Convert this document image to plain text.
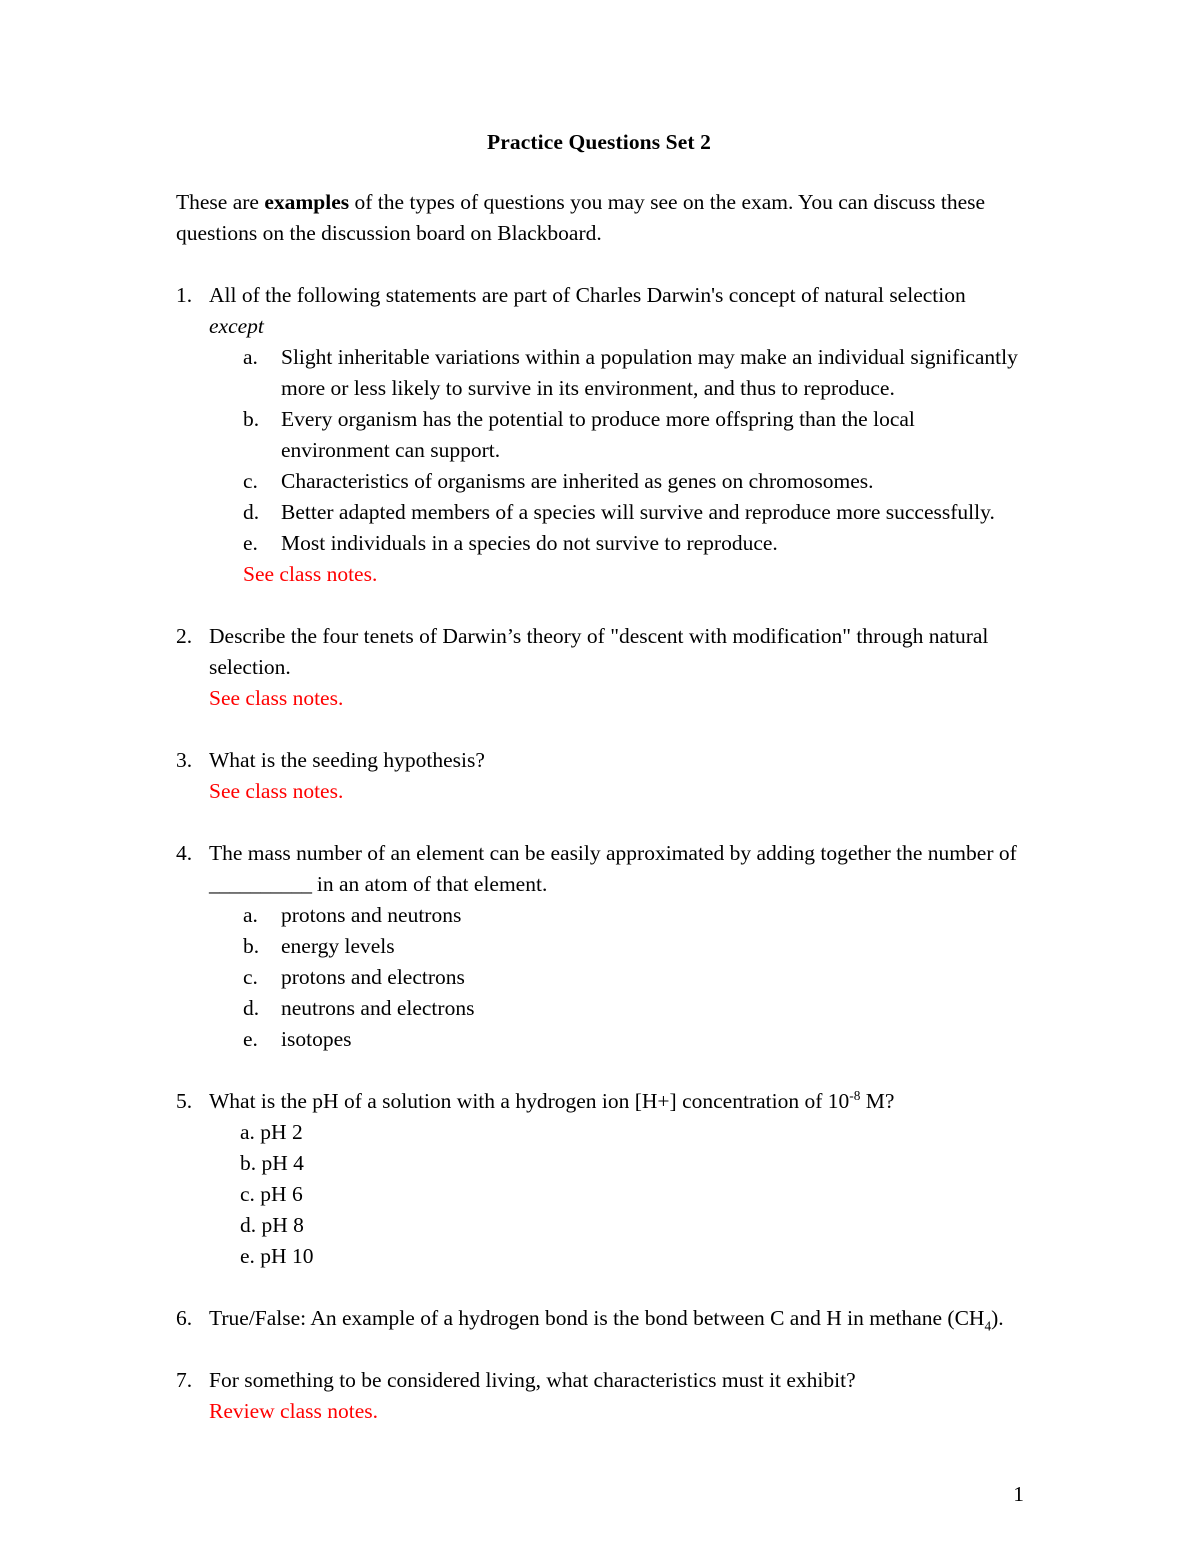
Practice Questions Set 2

These are examples of the types of questions you may see on the exam. You can discuss these questions on the discussion board on Blackboard.

1. All of the following statements are part of Charles Darwin's concept of natural selection except
a.	Slight inheritable variations within a population may make an individual significantly more or less likely to survive in its environment, and thus to reproduce.
b.	Every organism has the potential to produce more offspring than the local environment can support.
c.	Characteristics of organisms are inherited as genes on chromosomes.
d.	Better adapted members of a species will survive and reproduce more successfully.
e.	Most individuals in a species do not survive to reproduce.
See class notes.
2. Describe the four tenets of Darwin’s theory of "descent with modification" through natural selection.
See class notes.
3. What is the seeding hypothesis?
See class notes.
4. The mass number of an element can be easily approximated by adding together the number of __________ in an atom of that element.
a.	protons and neutrons
b.	energy levels
c.	protons and electrons
d.	neutrons and electrons
e.	isotopes
5. What is the pH of a solution with a hydrogen ion [H+] concentration of $10^{-8}$ M?
a. pH 2
b. pH 4
c. pH 6
d. pH 8
e. pH 10
6. True/False: An example of a hydrogen bond is the bond between C and H in methane $(CH_4)$.
7. For something to be considered living, what characteristics must it exhibit?
Review class notes.
1
